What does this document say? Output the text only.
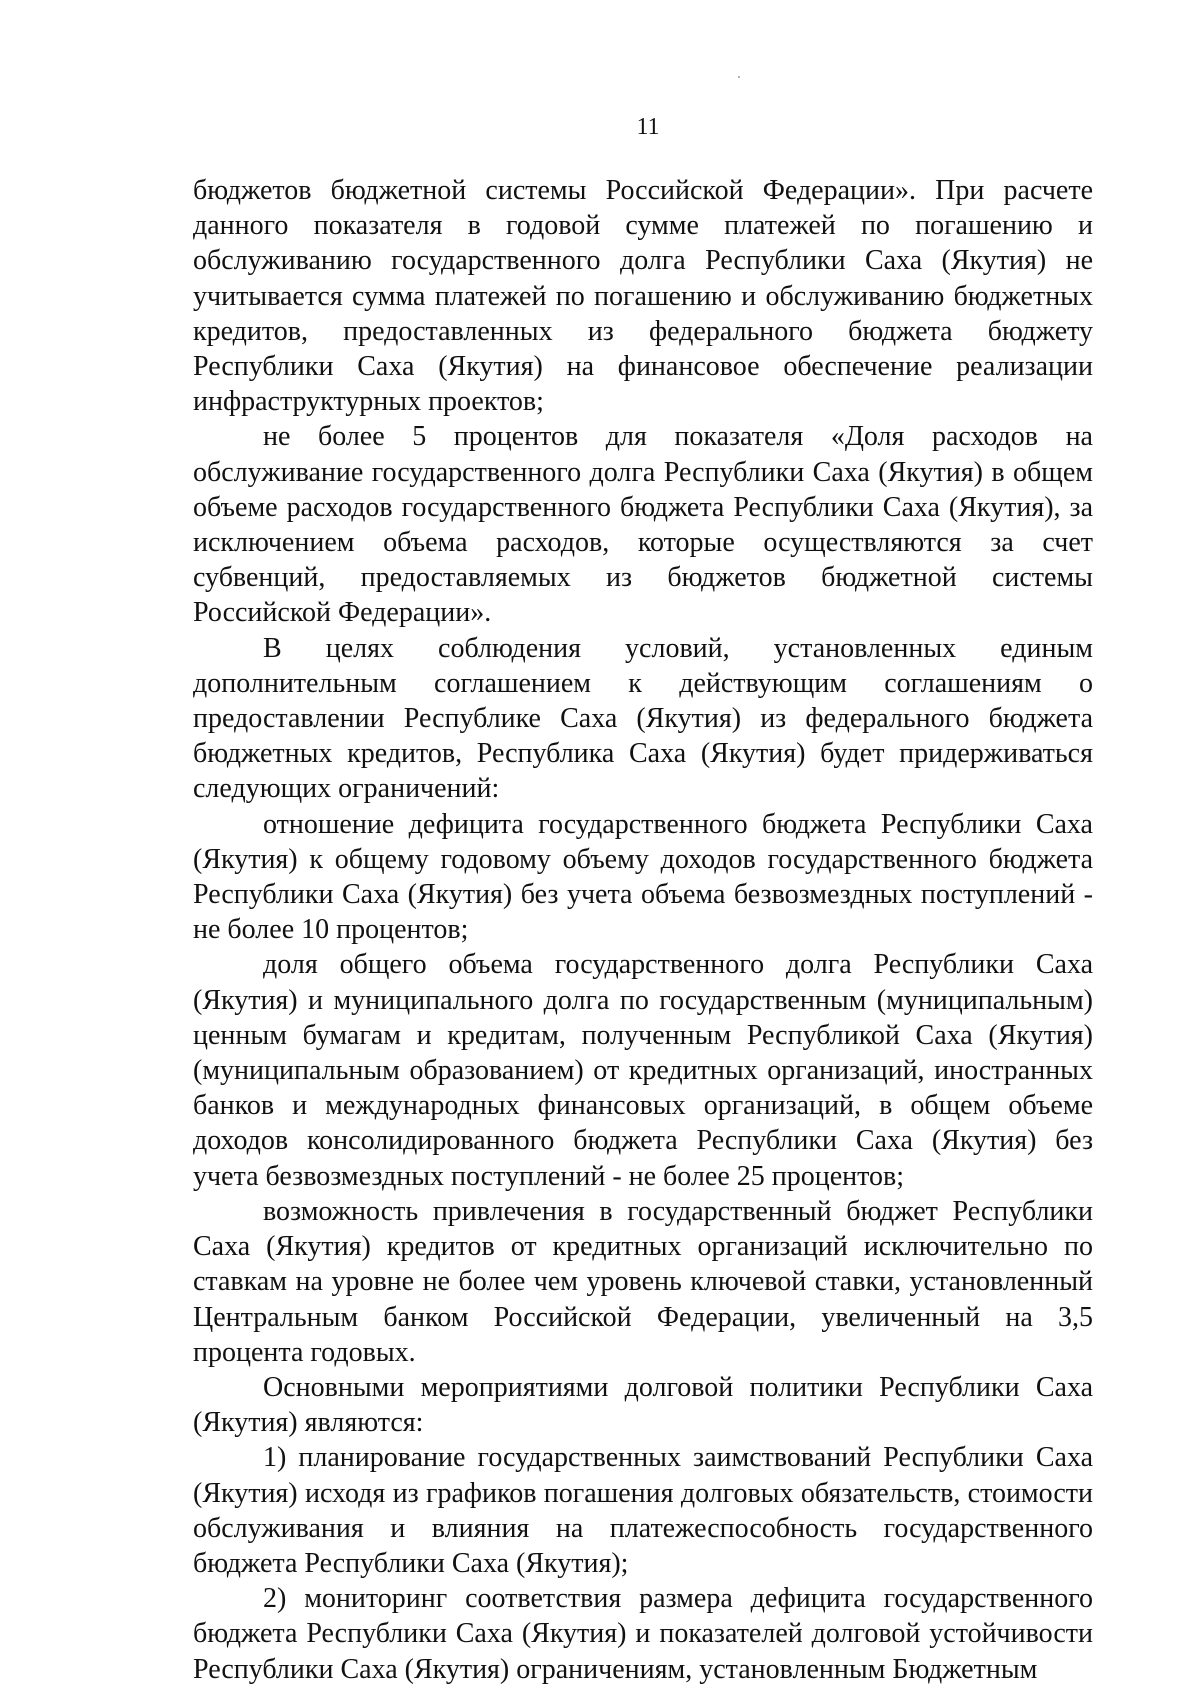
11

бюджетов бюджетной системы Российской Федерации». При расчете данного показателя в годовой сумме платежей по погашению и обслуживанию государственного долга Республики Саха (Якутия) не учитывается сумма платежей по погашению и обслуживанию бюджетных кредитов, предоставленных из федерального бюджета бюджету Республики Саха (Якутия) на финансовое обеспечение реализации инфраструктурных проектов;

не более 5 процентов для показателя «Доля расходов на обслуживание государственного долга Республики Саха (Якутия) в общем объеме расходов государственного бюджета Республики Саха (Якутия), за исключением объема расходов, которые осуществляются за счет субвенций, предоставляемых из бюджетов бюджетной системы Российской Федерации».

В целях соблюдения условий, установленных единым дополнительным соглашением к действующим соглашениям о предоставлении Республике Саха (Якутия) из федерального бюджета бюджетных кредитов, Республика Саха (Якутия) будет придерживаться следующих ограничений:

отношение дефицита государственного бюджета Республики Саха (Якутия) к общему годовому объему доходов государственного бюджета Республики Саха (Якутия) без учета объема безвозмездных поступлений - не более 10 процентов;

доля общего объема государственного долга Республики Саха (Якутия) и муниципального долга по государственным (муниципальным) ценным бумагам и кредитам, полученным Республикой Саха (Якутия) (муниципальным образованием) от кредитных организаций, иностранных банков и международных финансовых организаций, в общем объеме доходов консолидированного бюджета Республики Саха (Якутия) без учета безвозмездных поступлений - не более 25 процентов;

возможность привлечения в государственный бюджет Республики Саха (Якутия) кредитов от кредитных организаций исключительно по ставкам на уровне не более чем уровень ключевой ставки, установленный Центральным банком Российской Федерации, увеличенный на 3,5 процента годовых.

Основными мероприятиями долговой политики Республики Саха (Якутия) являются:

1) планирование государственных заимствований Республики Саха (Якутия) исходя из графиков погашения долговых обязательств, стоимости обслуживания и влияния на платежеспособность государственного бюджета Республики Саха (Якутия);

2) мониторинг соответствия размера дефицита государственного бюджета Республики Саха (Якутия) и показателей долговой устойчивости Республики Саха (Якутия) ограничениям, установленным Бюджетным
